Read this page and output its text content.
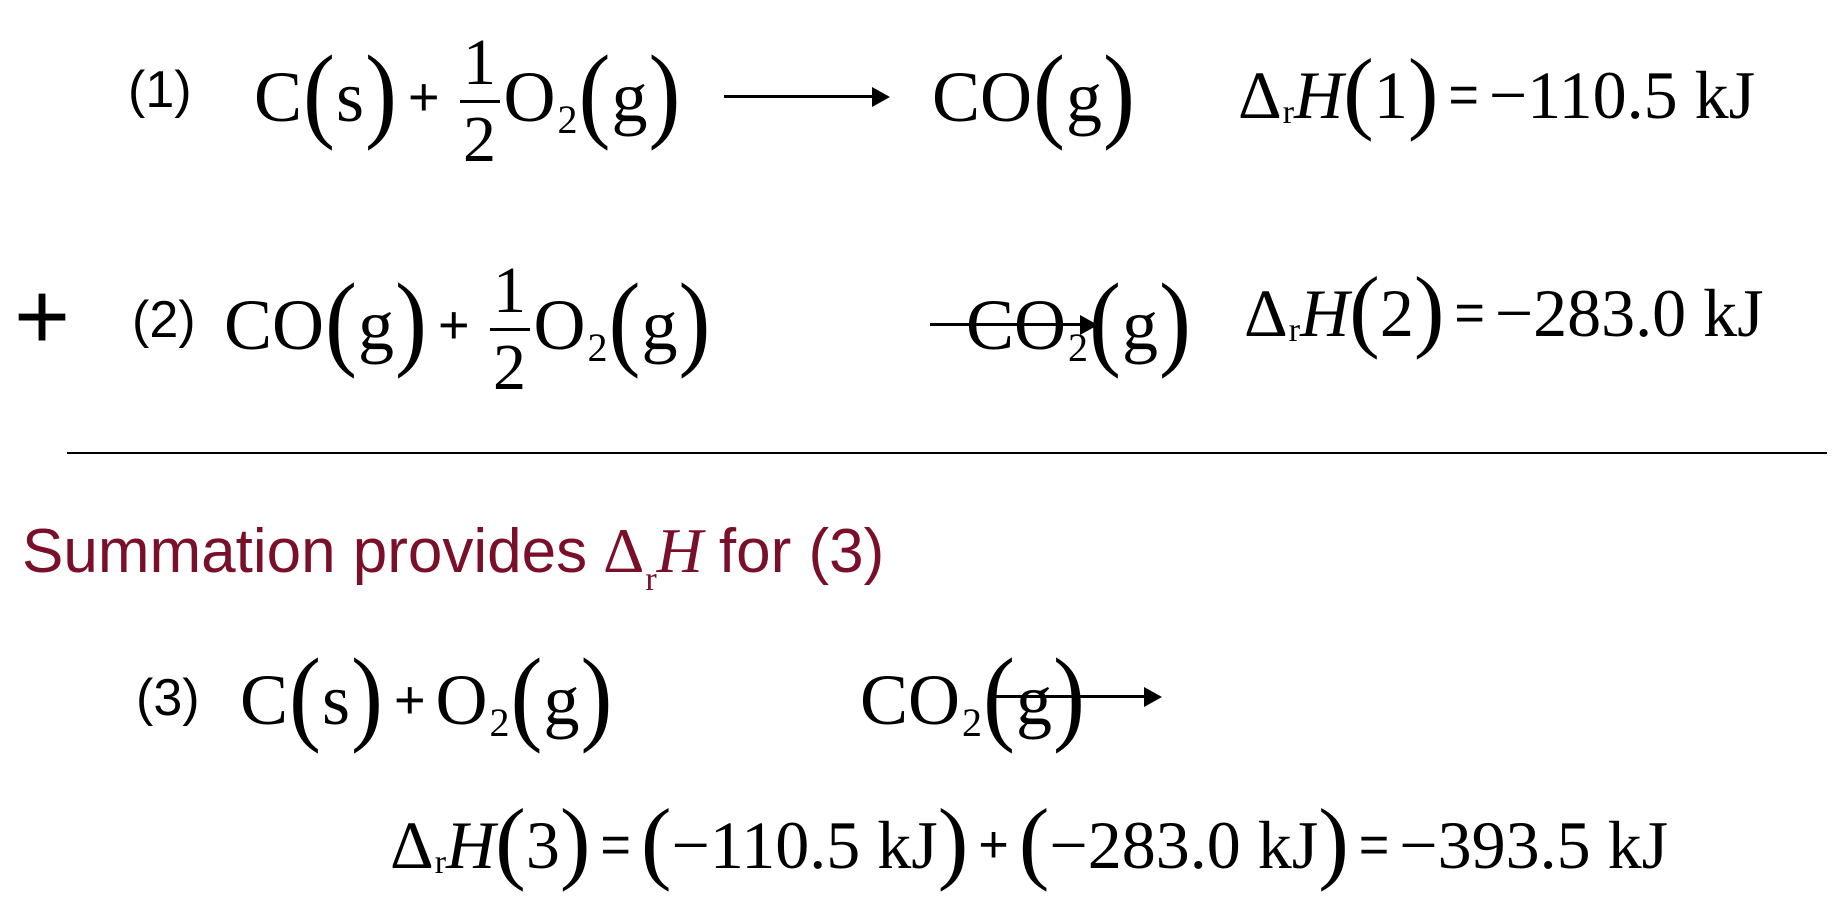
(1) C ( s ) + $\frac{1}{2}$ O 2 ( g )
	CO ( g ) Δ r H ( 1 ) = −110.5 kJ
+ (2) CO ( g ) + $\frac{1}{2}$ O 2 ( g )
	CO 2 ( g ) Δ r H ( 2 ) = −283.0 kJ
Summation provides $\Delta_rH$ for (3)
(3) C ( s ) + O 2 ( g )	CO 2 ( g )
Δ r H ( 3 ) = ( −110.5 kJ ) + ( −283.0 kJ ) = −393.5 kJ
